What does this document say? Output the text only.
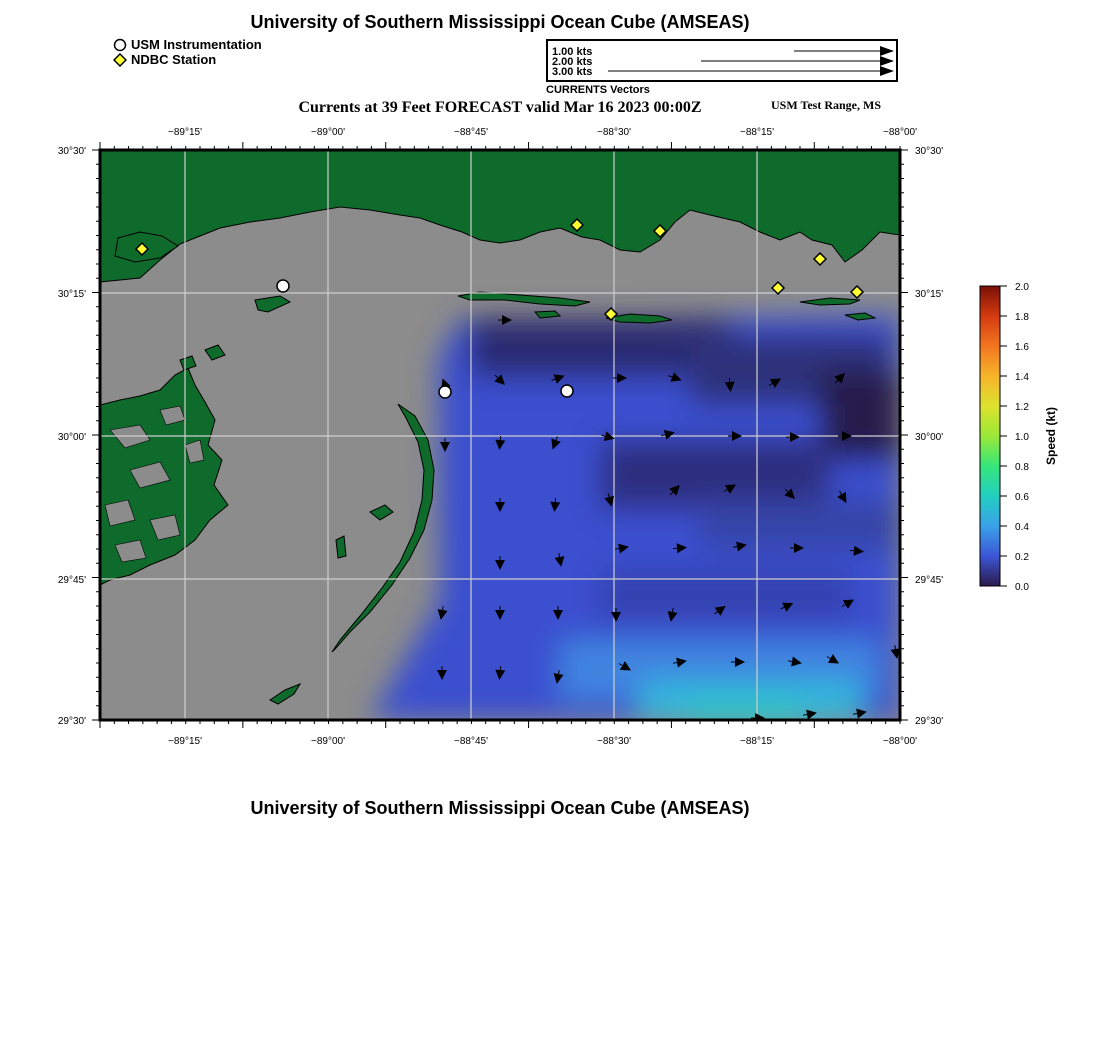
University of Southern Mississippi Ocean Cube (AMSEAS)
USM Instrumentation
NDBC Station	1.00 kts
2.00 kts
3.00 kts
CURRENTS Vectors
Currents at 39 Feet FORECAST valid Mar 16 2023 00:00Z	USM Test Range, MS
−89°15'	−89°00'	−88°45'	−88°30'	−88°15'	−88°00'
−89°15'	−89°00'	−88°45'	−88°30'	−88°15'	−88°00'
30°30'
30°15'
30°00'
29°45'
29°30'
30°30'
30°15'
30°00'
29°45'
29°30'
2.0
1.8
1.6
1.4
1.2
1.0
0.8
0.6
0.4
0.2
0.0
Speed (kt)
University of Southern Mississippi Ocean Cube (AMSEAS)
